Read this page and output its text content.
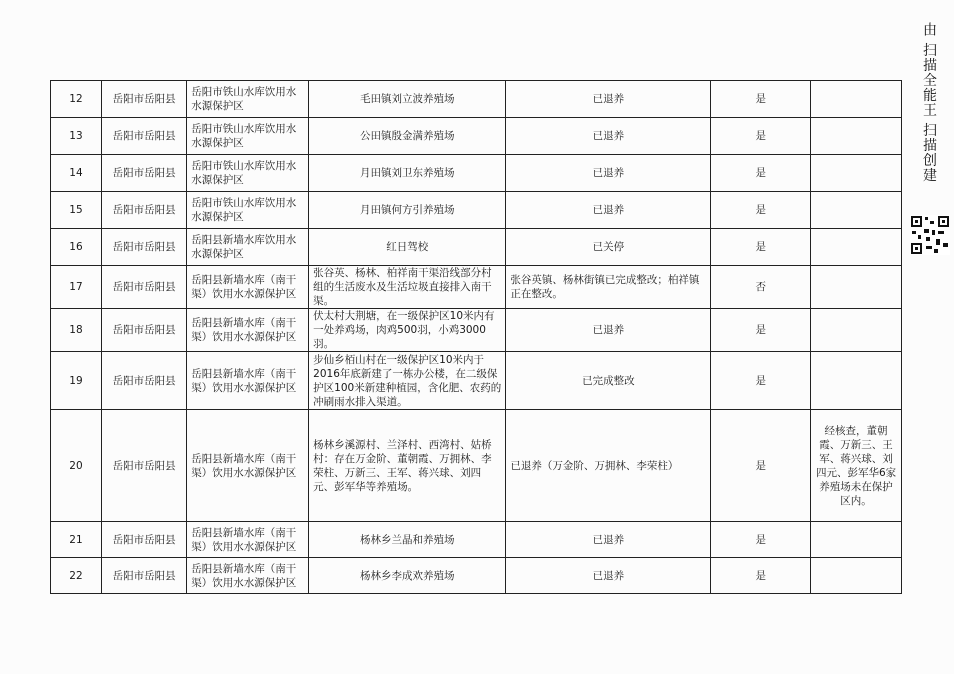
12	岳阳市岳阳县	岳阳市铁山水库饮用水水源保护区	毛田镇刘立波养殖场	已退养	是	
13	岳阳市岳阳县	岳阳市铁山水库饮用水水源保护区	公田镇殷金满养殖场	已退养	是	
14	岳阳市岳阳县	岳阳市铁山水库饮用水水源保护区	月田镇刘卫东养殖场	已退养	是	
15	岳阳市岳阳县	岳阳市铁山水库饮用水水源保护区	月田镇何方引养殖场	已退养	是	
16	岳阳市岳阳县	岳阳县新墙水库饮用水水源保护区	红日驾校	已关停	是	
17	岳阳市岳阳县	岳阳县新墙水库（南干渠）饮用水水源保护区	张谷英、杨林、柏祥南干渠沿线部分村组的生活废水及生活垃圾直接排入南干渠。	张谷英镇、杨林街镇已完成整改；柏祥镇正在整改。	否	
18	岳阳市岳阳县	岳阳县新墙水库（南干渠）饮用水水源保护区	伏太村大荆塘，在一级保护区10米内有一处养鸡场，肉鸡500羽，小鸡3000羽。	已退养	是	
19	岳阳市岳阳县	岳阳县新墙水库（南干渠）饮用水水源保护区	步仙乡栢山村在一级保护区10米内于2016年底新建了一栋办公楼，在二级保护区100米新建种植园，含化肥、农药的冲刷雨水排入渠道。	已完成整改	是	
20	岳阳市岳阳县	岳阳县新墙水库（南干渠）饮用水水源保护区	杨林乡溪源村、兰泽村、西湾村、姑桥村：存在万金阶、董朝霞、万拥林、李荣柱、万新三、王军、蒋兴球、刘四元、彭军华等养殖场。	已退养（万金阶、万拥林、李荣柱）	是	经核查，董朝霞、万新三、王军、蒋兴球、刘四元、彭军华6家养殖场未在保护区内。
21	岳阳市岳阳县	岳阳县新墙水库（南干渠）饮用水水源保护区	杨林乡兰晶和养殖场	已退养	是	
22	岳阳市岳阳县	岳阳县新墙水库（南干渠）饮用水水源保护区	杨林乡李成欢养殖场	已退养	是	
由 扫描全能王 扫描创建
